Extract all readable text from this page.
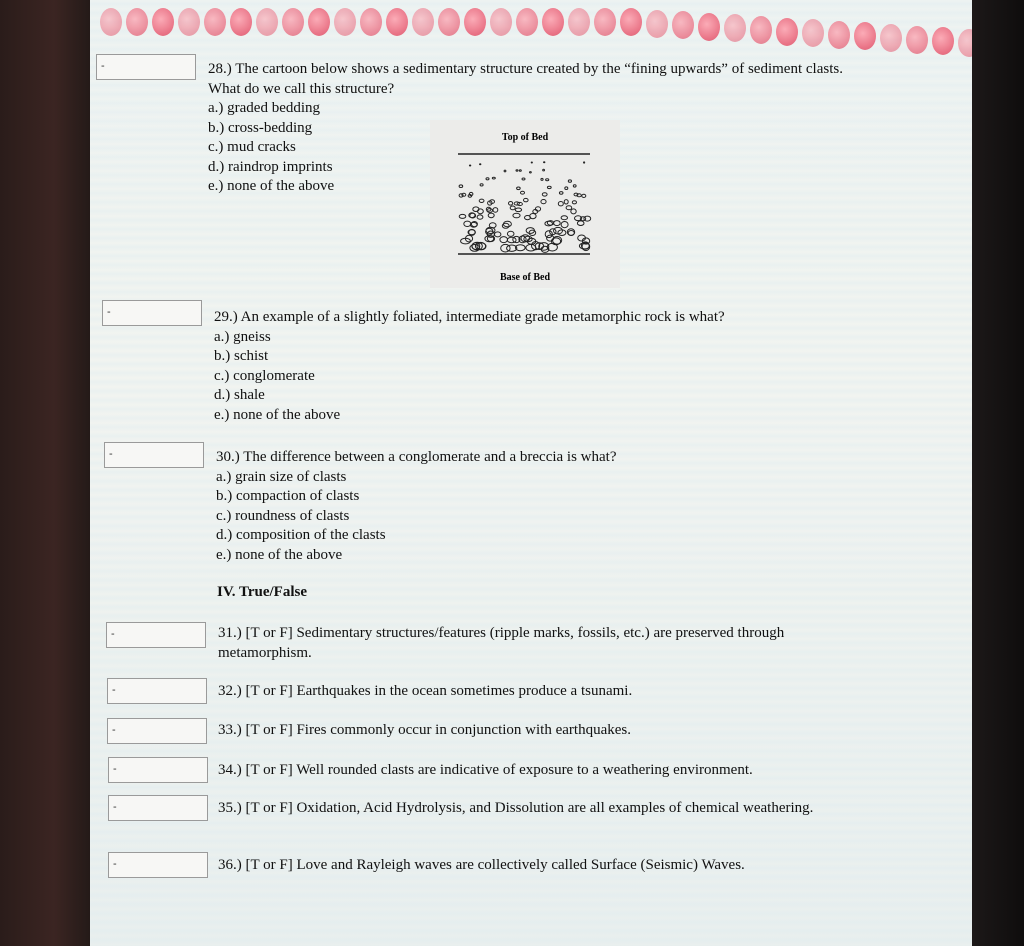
-	28.) The cartoon below shows a sedimentary structure created by the “fining upwards” of sediment clasts. What do we call this structure?
a.) graded bedding
b.) cross-bedding
c.) mud cracks
d.) raindrop imprints
e.) none of the above
Top of Bed
Base of Bed
-	29.) An example of a slightly foliated, intermediate grade metamorphic rock is what?
a.) gneiss
b.) schist
c.) conglomerate
d.) shale
e.) none of the above
-	30.) The difference between a conglomerate and a breccia is what?
a.) grain size of clasts
b.) compaction of clasts
c.) roundness of clasts
d.) composition of the clasts
e.) none of the above
IV. True/False
-	31.) [T or F] Sedimentary structures/features (ripple marks, fossils, etc.) are preserved through metamorphism.
-	32.) [T or F] Earthquakes in the ocean sometimes produce a tsunami.
-	33.) [T or F] Fires commonly occur in conjunction with earthquakes.
-	34.) [T or F] Well rounded clasts are indicative of exposure to a weathering environment.
-	35.) [T or F] Oxidation, Acid Hydrolysis, and Dissolution are all examples of chemical weathering.
-	36.) [T or F] Love and Rayleigh waves are collectively called Surface (Seismic) Waves.
